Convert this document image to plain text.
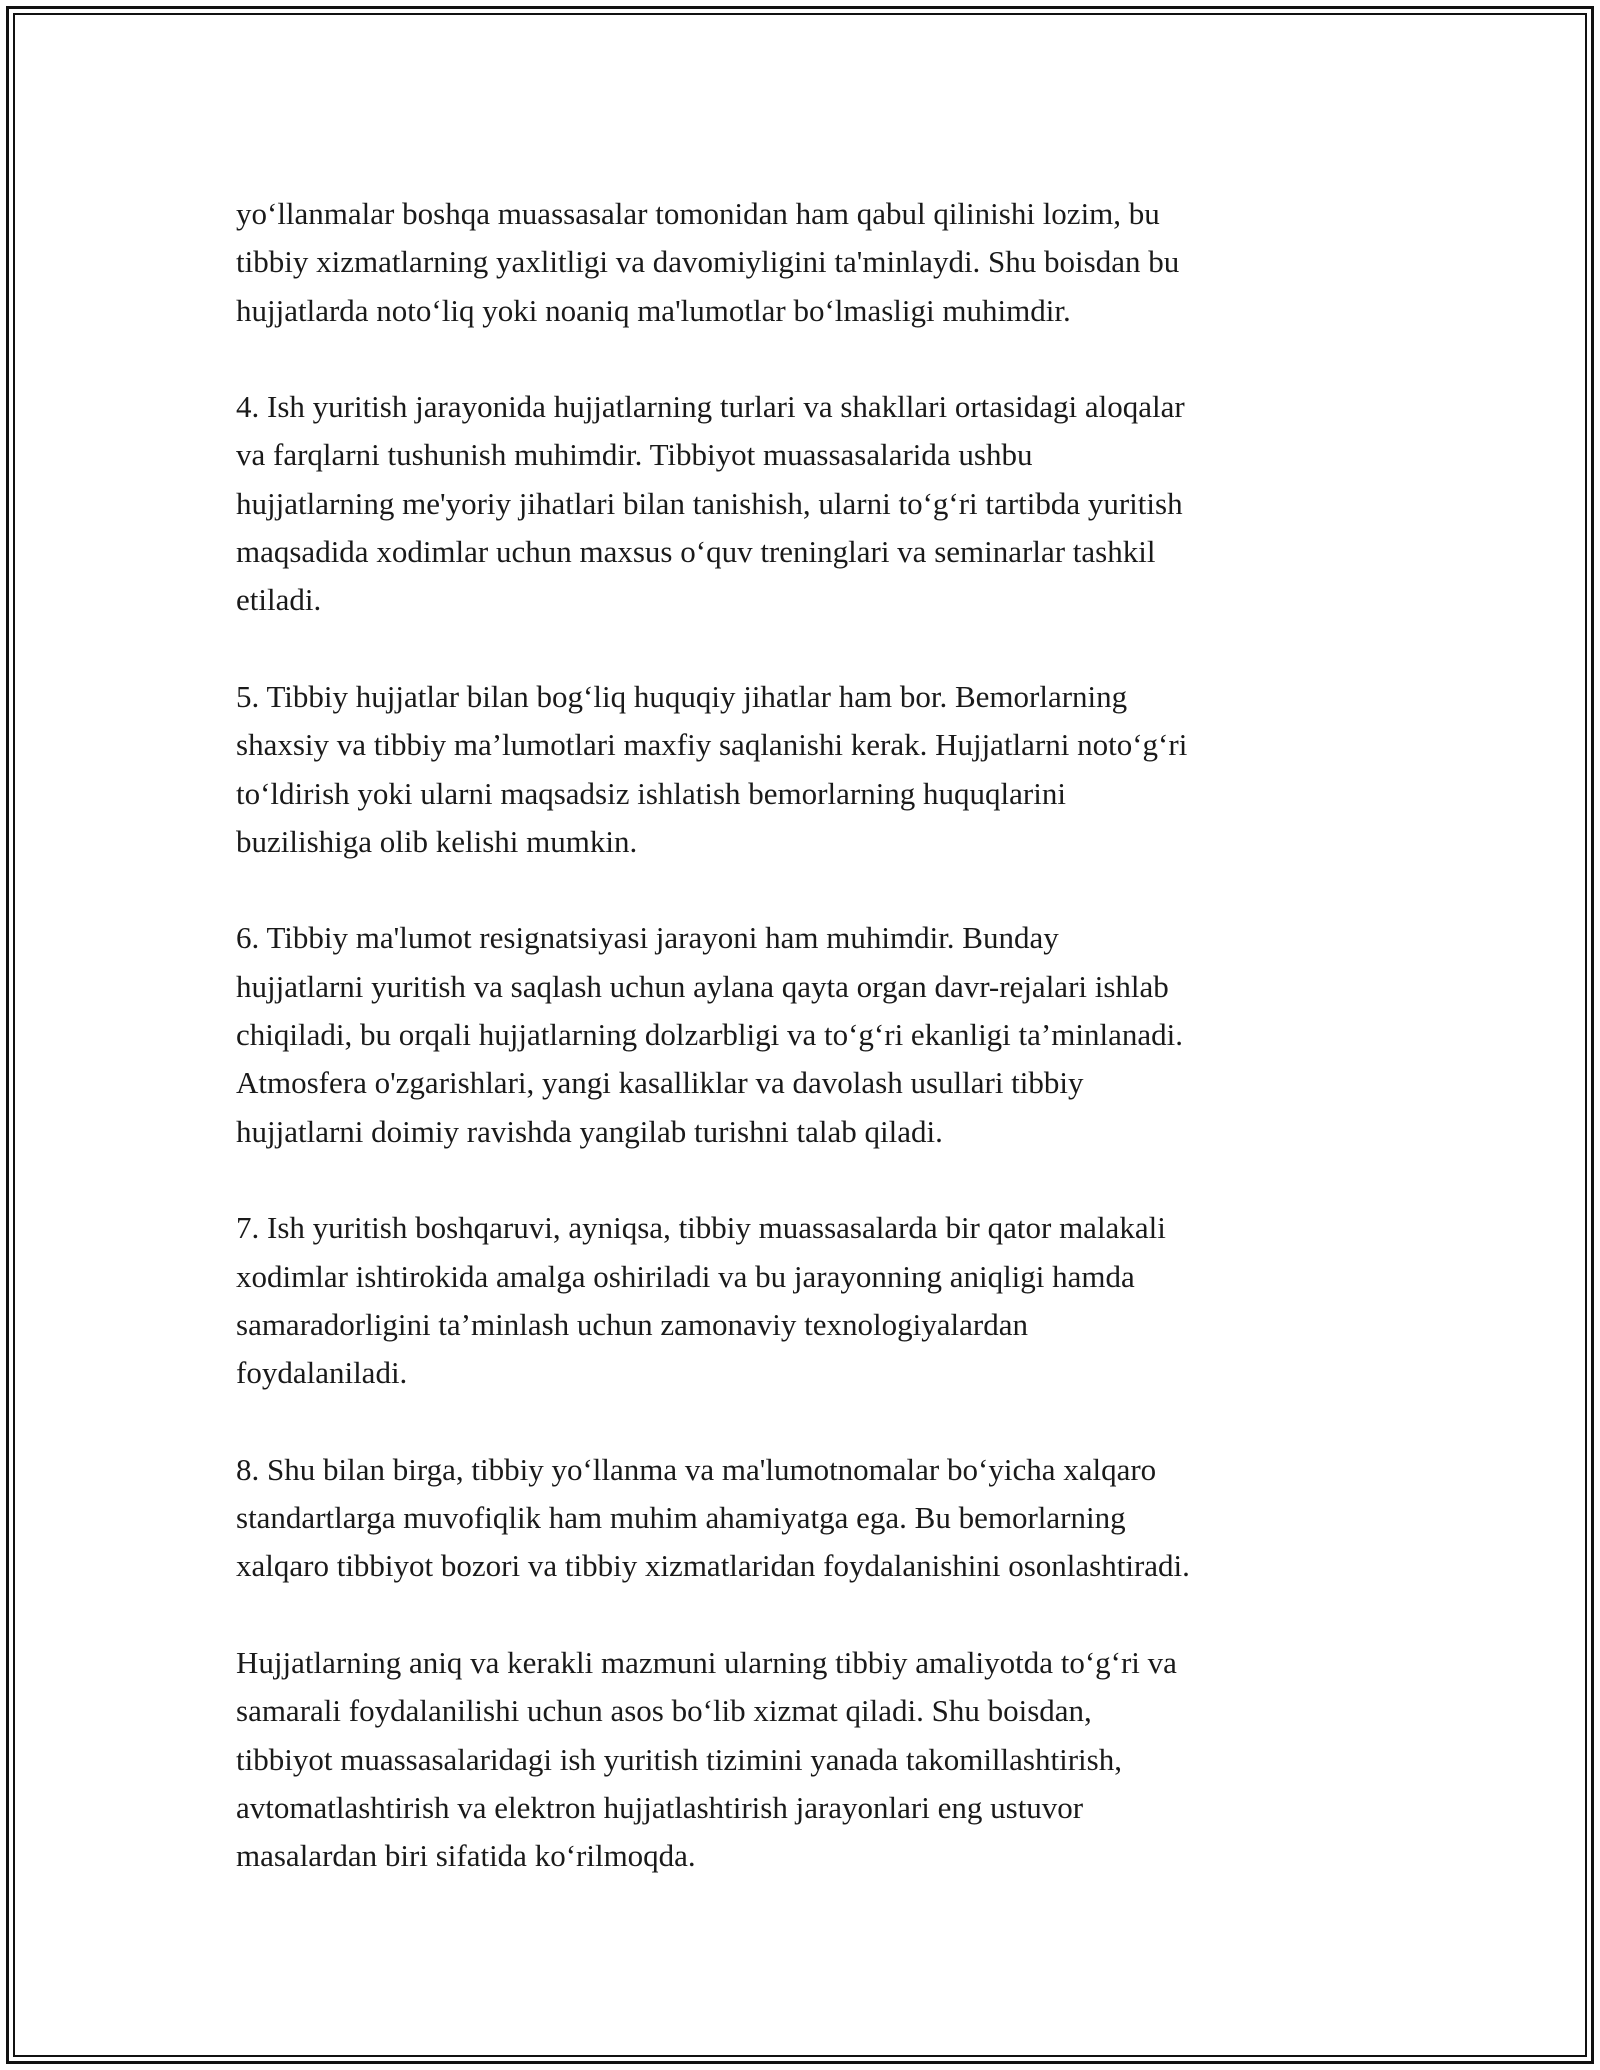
yo‘llanmalar boshqa muassasalar tomonidan ham qabul qilinishi lozim, bu
tibbiy xizmatlarning yaxlitligi va davomiyligini ta'minlaydi. Shu boisdan bu
hujjatlarda noto‘liq yoki noaniq ma'lumotlar bo‘lmasligi muhimdir.

4. Ish yuritish jarayonida hujjatlarning turlari va shakllari ortasidagi aloqalar
va farqlarni tushunish muhimdir. Tibbiyot muassasalarida ushbu
hujjatlarning me'yoriy jihatlari bilan tanishish, ularni to‘g‘ri tartibda yuritish
maqsadida xodimlar uchun maxsus o‘quv treninglari va seminarlar tashkil
etiladi.

5. Tibbiy hujjatlar bilan bog‘liq huquqiy jihatlar ham bor. Bemorlarning
shaxsiy va tibbiy ma’lumotlari maxfiy saqlanishi kerak. Hujjatlarni noto‘g‘ri
to‘ldirish yoki ularni maqsadsiz ishlatish bemorlarning huquqlarini
buzilishiga olib kelishi mumkin.

6. Tibbiy ma'lumot resignatsiyasi jarayoni ham muhimdir. Bunday
hujjatlarni yuritish va saqlash uchun aylana qayta organ davr-rejalari ishlab
chiqiladi, bu orqali hujjatlarning dolzarbligi va to‘g‘ri ekanligi ta’minlanadi.
Atmosfera o'zgarishlari, yangi kasalliklar va davolash usullari tibbiy
hujjatlarni doimiy ravishda yangilab turishni talab qiladi.

7. Ish yuritish boshqaruvi, ayniqsa, tibbiy muassasalarda bir qator malakali
xodimlar ishtirokida amalga oshiriladi va bu jarayonning aniqligi hamda
samaradorligini ta’minlash uchun zamonaviy texnologiyalardan
foydalaniladi.

8. Shu bilan birga, tibbiy yo‘llanma va ma'lumotnomalar bo‘yicha xalqaro
standartlarga muvofiqlik ham muhim ahamiyatga ega. Bu bemorlarning
xalqaro tibbiyot bozori va tibbiy xizmatlaridan foydalanishini osonlashtiradi.

Hujjatlarning aniq va kerakli mazmuni ularning tibbiy amaliyotda to‘g‘ri va
samarali foydalanilishi uchun asos bo‘lib xizmat qiladi. Shu boisdan,
tibbiyot muassasalaridagi ish yuritish tizimini yanada takomillashtirish,
avtomatlashtirish va elektron hujjatlashtirish jarayonlari eng ustuvor
masalardan biri sifatida ko‘rilmoqda.
